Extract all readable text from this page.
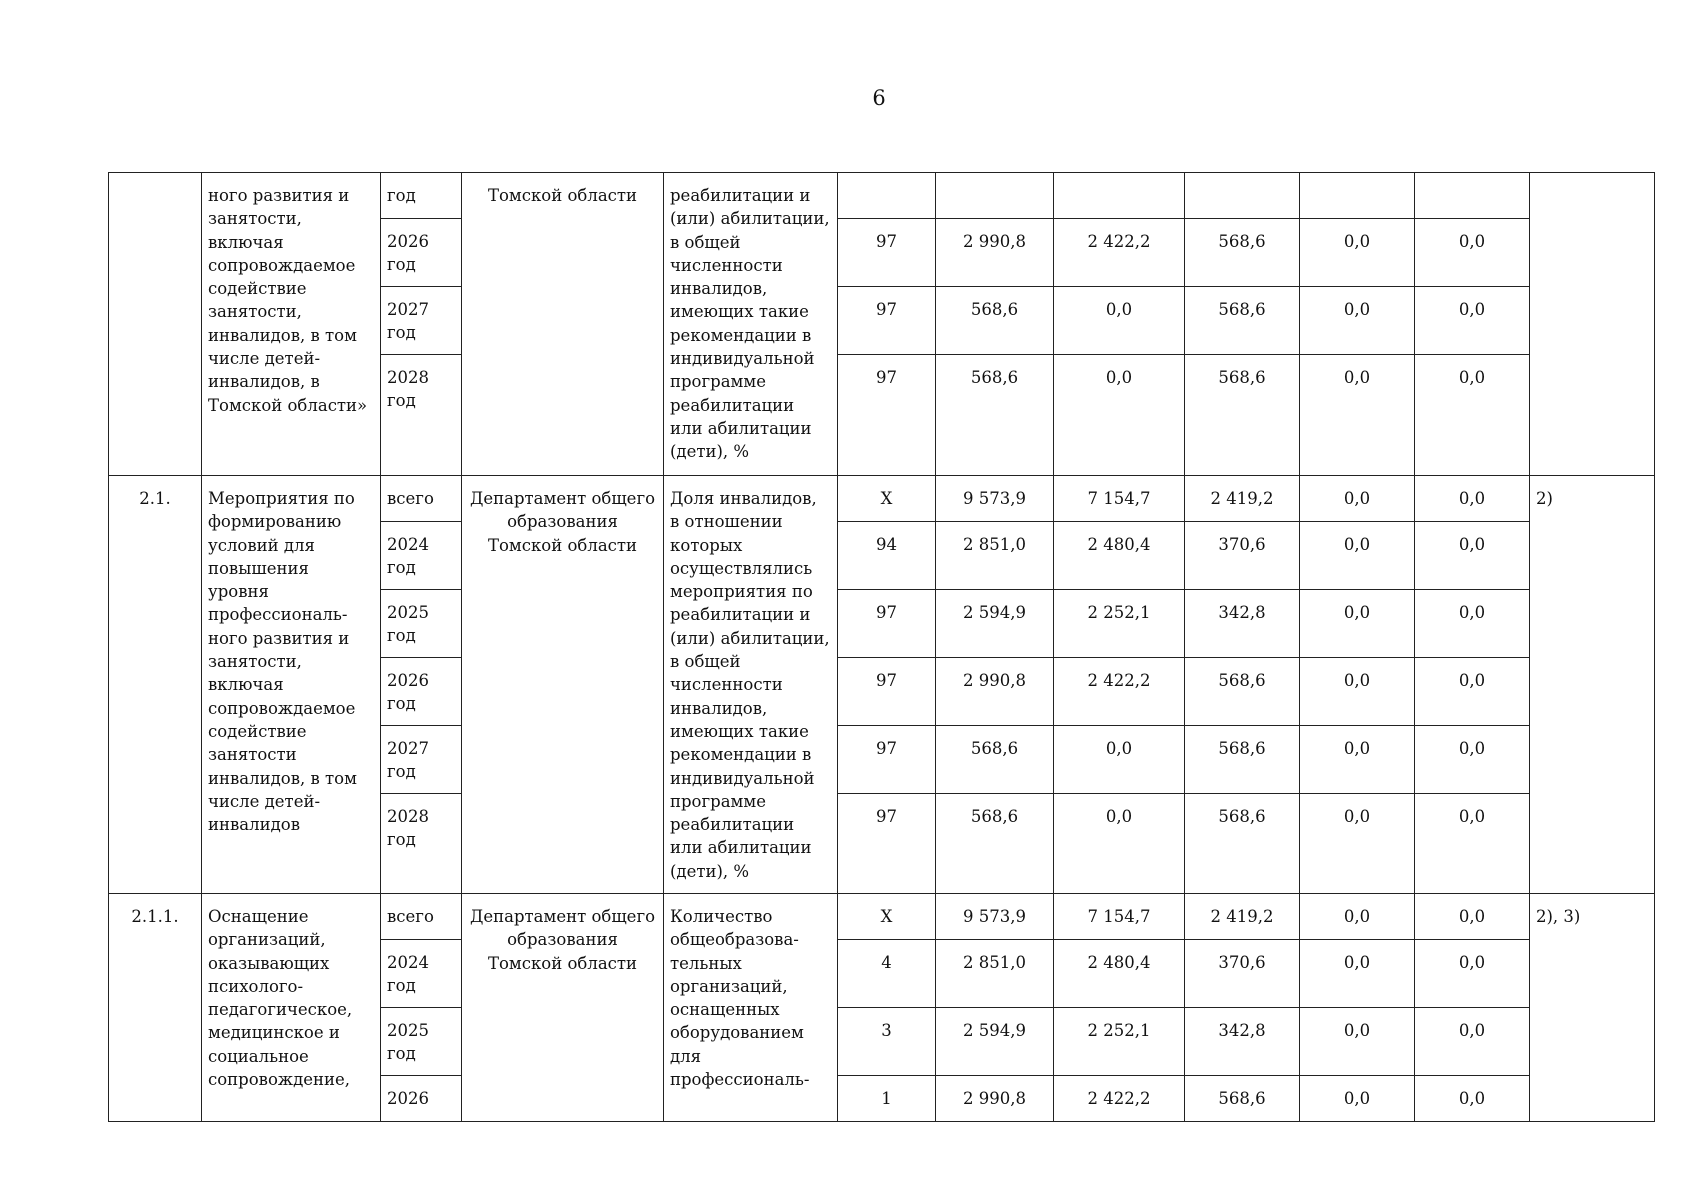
6
	ного развития и занятости, включая сопровождаемое содействие занятости, инвалидов, в том числе детей-инвалидов, в Томской области»	год	Томской области	реабилитации и (или) абилитации, в общей численности инвалидов, имеющих такие рекомендации в индивидуальной программе реабилитации или абилитации (дети), %							
		2026 год			97	2 990,8	2 422,2	568,6	0,0	0,0	
		2027 год			97	568,6	0,0	568,6	0,0	0,0	
		2028 год			97	568,6	0,0	568,6	0,0	0,0	
2.1.	Мероприятия по формированию условий для повышения уровня профессиональ-ного развития и занятости, включая сопровождаемое содействие занятости инвалидов, в том числе детей-инвалидов	всего	Департамент общего образования Томской области	Доля инвалидов, в отношении которых осуществлялись мероприятия по реабилитации и (или) абилитации, в общей численности инвалидов, имеющих такие рекомендации в индивидуальной программе реабилитации или абилитации (дети), %	X	9 573,9	7 154,7	2 419,2	0,0	0,0	2)
		2024 год			94	2 851,0	2 480,4	370,6	0,0	0,0	
		2025 год			97	2 594,9	2 252,1	342,8	0,0	0,0	
		2026 год			97	2 990,8	2 422,2	568,6	0,0	0,0	
		2027 год			97	568,6	0,0	568,6	0,0	0,0	
		2028 год			97	568,6	0,0	568,6	0,0	0,0	
2.1.1.	Оснащение организаций, оказывающих психолого-педагогическое, медицинское и социальное сопровождение,	всего	Департамент общего образования Томской области	Количество общеобразова-тельных организаций, оснащенных оборудованием для профессиональ-	X	9 573,9	7 154,7	2 419,2	0,0	0,0	2), 3)
		2024 год			4	2 851,0	2 480,4	370,6	0,0	0,0	
		2025 год			3	2 594,9	2 252,1	342,8	0,0	0,0	
		2026			1	2 990,8	2 422,2	568,6	0,0	0,0	
